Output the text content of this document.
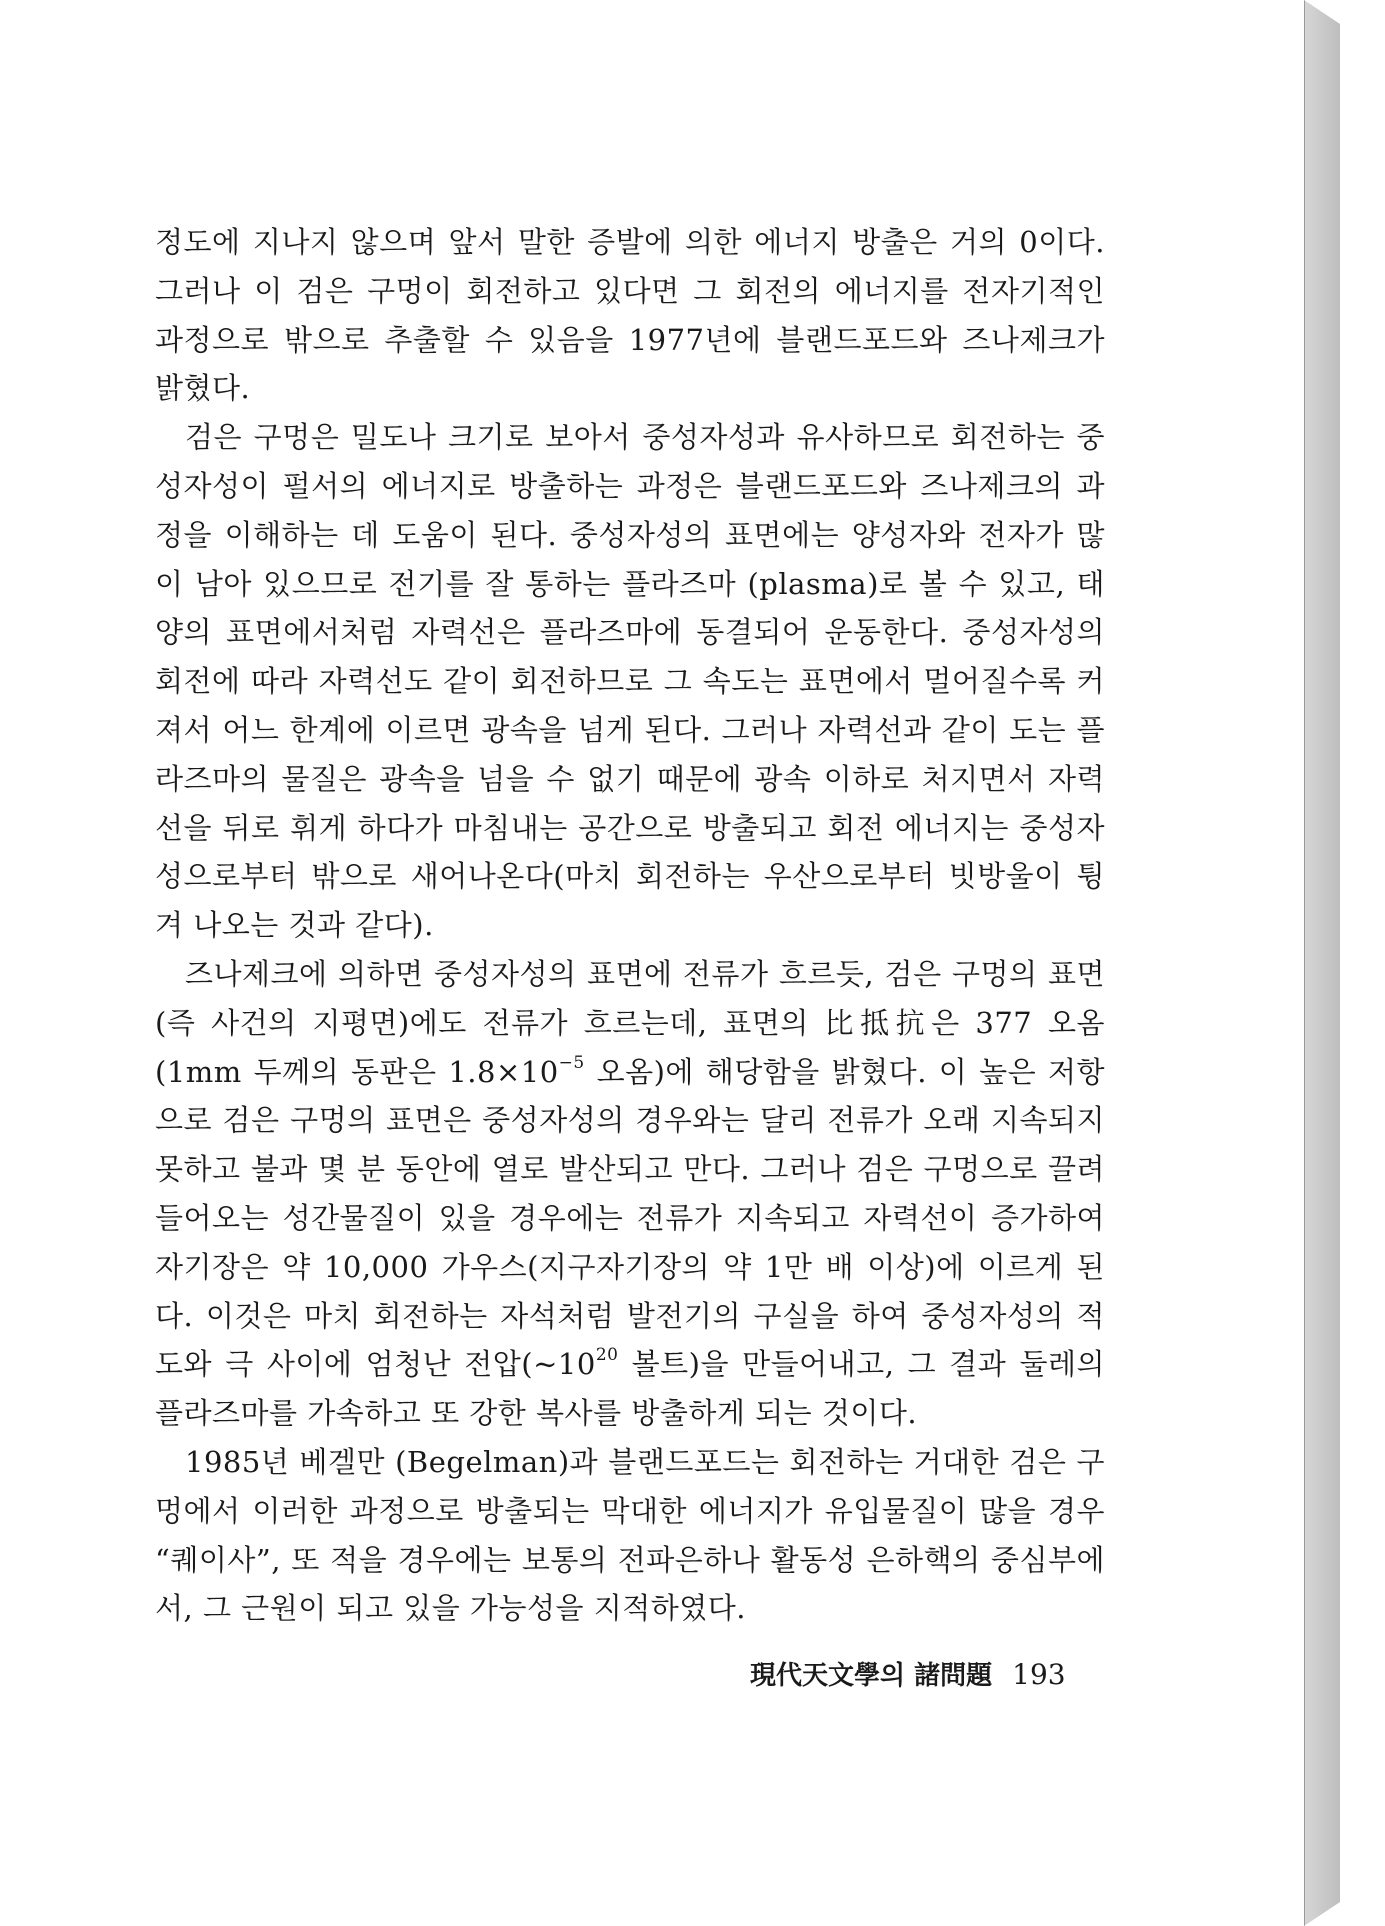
정도에 지나지 않으며 앞서 말한 증발에 의한 에너지 방출은 거의 0이다. 그러나 이 검은 구멍이 회전하고 있다면 그 회전의 에너지를 전자기적인 과정으로 밖으로 추출할 수 있음을 1977년에 블랜드포드와 즈나제크가 밝혔다.

검은 구멍은 밀도나 크기로 보아서 중성자성과 유사하므로 회전하는 중성자성이 펄서의 에너지로 방출하는 과정은 블랜드포드와 즈나제크의 과정을 이해하는 데 도움이 된다. 중성자성의 표면에는 양성자와 전자가 많이 남아 있으므로 전기를 잘 통하는 플라즈마 (plasma)로 볼 수 있고, 태양의 표면에서처럼 자력선은 플라즈마에 동결되어 운동한다. 중성자성의 회전에 따라 자력선도 같이 회전하므로 그 속도는 표면에서 멀어질수록 커져서 어느 한계에 이르면 광속을 넘게 된다. 그러나 자력선과 같이 도는 플라즈마의 물질은 광속을 넘을 수 없기 때문에 광속 이하로 처지면서 자력선을 뒤로 휘게 하다가 마침내는 공간으로 방출되고 회전 에너지는 중성자성으로부터 밖으로 새어나온다(마치 회전하는 우산으로부터 빗방울이 튕겨 나오는 것과 같다).

즈나제크에 의하면 중성자성의 표면에 전류가 흐르듯, 검은 구멍의 표면(즉 사건의 지평면)에도 전류가 흐르는데, 표면의 比抵抗은 377 오옴(1mm 두께의 동판은 $1.8\times 10^{-5}$ 오옴)에 해당함을 밝혔다. 이 높은 저항으로 검은 구멍의 표면은 중성자성의 경우와는 달리 전류가 오래 지속되지 못하고 불과 몇 분 동안에 열로 발산되고 만다. 그러나 검은 구멍으로 끌려들어오는 성간물질이 있을 경우에는 전류가 지속되고 자력선이 증가하여 자기장은 약 10,000 가우스(지구자기장의 약 1만 배 이상)에 이르게 된다. 이것은 마치 회전하는 자석처럼 발전기의 구실을 하여 중성자성의 적도와 극 사이에 엄청난 전압($\sim 10^{20}$ 볼트)을 만들어내고, 그 결과 둘레의 플라즈마를 가속하고 또 강한 복사를 방출하게 되는 것이다.

1985년 베겔만 (Begelman)과 블랜드포드는 회전하는 거대한 검은 구멍에서 이러한 과정으로 방출되는 막대한 에너지가 유입물질이 많을 경우 “퀘이사”, 또 적을 경우에는 보통의 전파은하나 활동성 은하핵의 중심부에서, 그 근원이 되고 있을 가능성을 지적하였다.

現代天文學의 諸問題 193
